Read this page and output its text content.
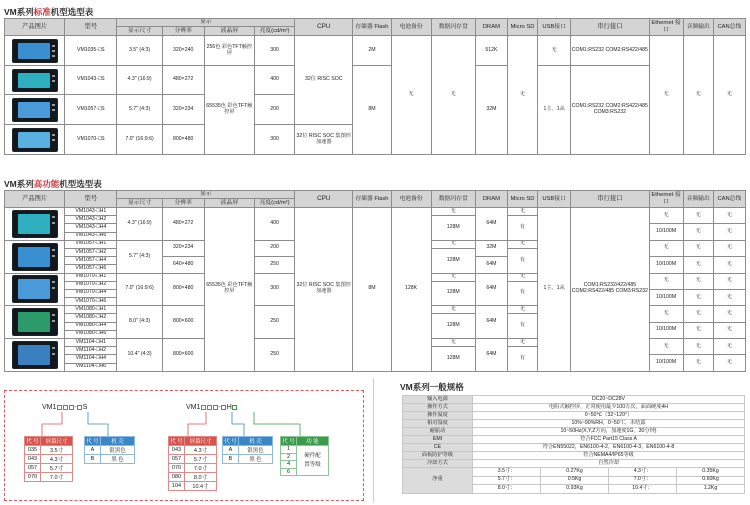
VM系列标准机型选型表
产品图片	型号	显示				CPU	存储器 Flash	电池备份	数据闪存盘	DRAM	Micro SD	USB接口	串行接口	Ethernet 接口	音频输出	CAN总线
		显示尺寸	分辨率	液晶屏	亮度(cd/m²)											

	VM1035-□S	3.5" (4:3)	320×240	256色 彩色TFT触控屏	300	32位 RISC SOC	2M	无	无	512K	无	无	COM1:RS232 COM2:RS422/485	无	无	无

	VM1043-□S	4.3" (16:9)	480×272	65535色 彩色TFT触控屏	400		8M			32M		1主、1从	COM1:RS232 COM2:RS422/485 COM3:RS232			

	VM1057-□S	5.7" (4:3)	320×234		200											

	VM1070-□S	7.0" (16:9:6)	800×480		300	32位 RISC SOC 集图形加速器										
VM系列高功能机型选型表
产品图片	型号	显示				CPU	存储器 Flash	电池备份	数据闪存盘	DRAM	Micro SD	USB接口	串行接口	Ethernet 接口	音频输出	CAN总线
		显示尺寸	分辨率	液晶屏	亮度(cd/m²)											

	VM1043-□H1	4.3" (16:9)	480×272	65535色 彩色TFT触控屏	400	32位 RISC SOC 集图形加速器	8M	128K	无	64M	无	1主、1从	COM1:RS232/422/485 COM2:RS422/485 COM3:RS232	无	无	无
	VM1043-□H2								128M		有					
	VM1043-□H4													10/100M	无	无
	VM1043-□H6															

	VM1057-□H1	5.7" (4:3)	320×234		200				无	32M	无			无	无	无
	VM1057-□H2								128M		有					
	VM1057-□H4		640×480		250					64M				10/100M	无	无
	VM1057-□H6															

	VM1070-□H1	7.0" (16:9:6)	800×480		300				无	64M	无			无	无	无
	VM1070-□H2								128M		有					
	VM1070-□H4													10/100M	无	无
	VM1070-□H6															

	VM1080-□H1	8.0" (4:3)	800×600		250				无	64M	无			无	无	无
	VM1080-□H2								128M		有					
	VM1080-□H4													10/100M	无	无
	VM1080-□H6															

	VM1104-□H1	10.4" (4:3)	800×600		250				无	64M	无			无	无	无
	VM1104-□H2								128M		有					
	VM1104-□H4													10/100M	无	无
	VM1104-□H6															
VM1	- S	VM1	- H
代 号	屏幕尺寸
035	3.5寸
043	4.3寸
057	5.7寸
070	7.0寸
代 号	机 壳
A	银黑色
B	黑 色
代 号	屏幕尺寸
043	4.3寸
057	5.7寸
070	7.0寸
080	8.0寸
104	10.4寸
代 号	机 壳
A	银黑色
B	黑 色
代 号	功 能
1	硬件配
置等级
2	
4	
6	
VM系列一般规格
输入电源	DC20~DC28V			
操作方式	电阻式触控屏，正常使用最少100万次，面面硬度4H			
操作温度	0~50℃（32~120°）			
相对湿度	10%~90%RH，0~50℃，未结露			
耐振动	10~50Hz(X,Y,Z方向，加速度1G，30分钟)			
EMI	符合FCC Part15 Class A			
CE	符合EN55022，EN6100-4-2，EN6100-4-3，EN6100-4-8			
面板防护等级	符合NEMA4/IP65等级			
冷却方式	自然冷却			
净重	3.5寸：	0.27Kg	4.3寸：	0.35Kg
	5.7寸：	0.5Kg	7.0寸：	0.60Kg
	8.0寸：	0.93Kg	10.4寸：	1.2Kg
